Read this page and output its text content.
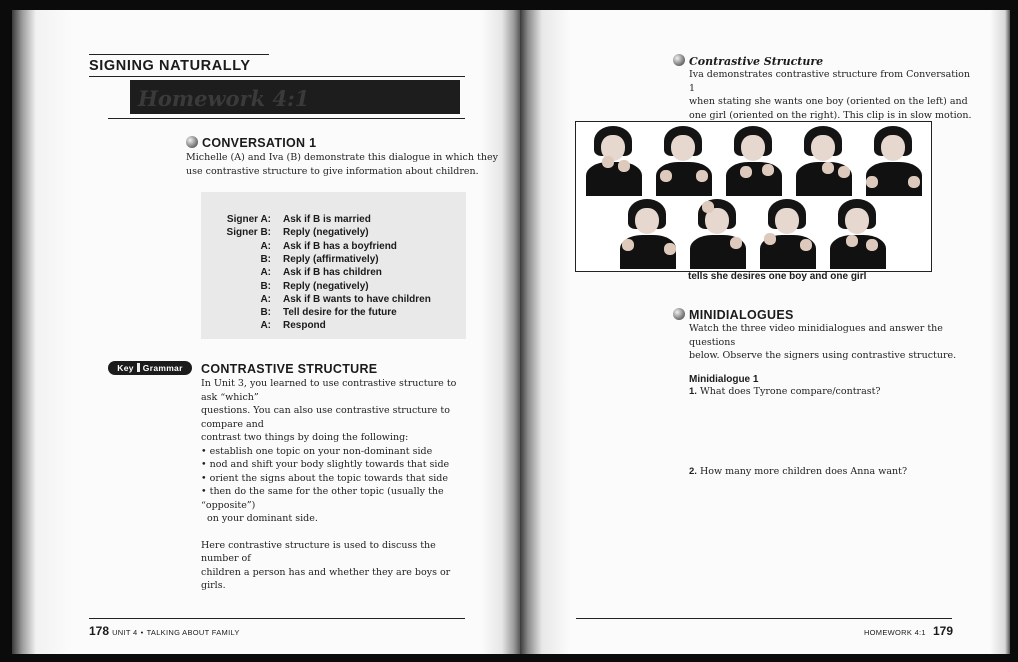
SIGNING NATURALLY
Homework 4:1
CONVERSATION 1
Michelle (A) and Iva (B) demonstrate this dialogue in which they
use contrastive structure to give information about children.
Signer A: Ask if B is married
Signer B: Reply (negatively)
A: Ask if B has a boyfriend
B: Reply (affirmatively)
A: Ask if B has children
B: Reply (negatively)
A: Ask if B wants to have children
B: Tell desire for the future
A: Respond
Key Grammar	CONTRASTIVE STRUCTURE
In Unit 3, you learned to use contrastive structure to ask “which”
questions. You can also use contrastive structure to compare and
contrast two things by doing the following:
• establish one topic on your non-dominant side
• nod and shift your body slightly towards that side
• orient the signs about the topic towards that side
• then do the same for the other topic (usually the “opposite”)
on your dominant side.
Here contrastive structure is used to discuss the number of
children a person has and whether they are boys or girls.
178 UNIT 4 • TALKING ABOUT FAMILY
Contrastive Structure
Iva demonstrates contrastive structure from Conversation 1
when stating she wants one boy (oriented on the left) and
one girl (oriented on the right). This clip is in slow motion.
tells she desires one boy and one girl
MINIDIALOGUES
Watch the three video minidialogues and answer the questions
below. Observe the signers using contrastive structure.
Minidialogue 1
1. What does Tyrone compare/contrast?
2. How many more children does Anna want?
HOMEWORK 4:1 179
